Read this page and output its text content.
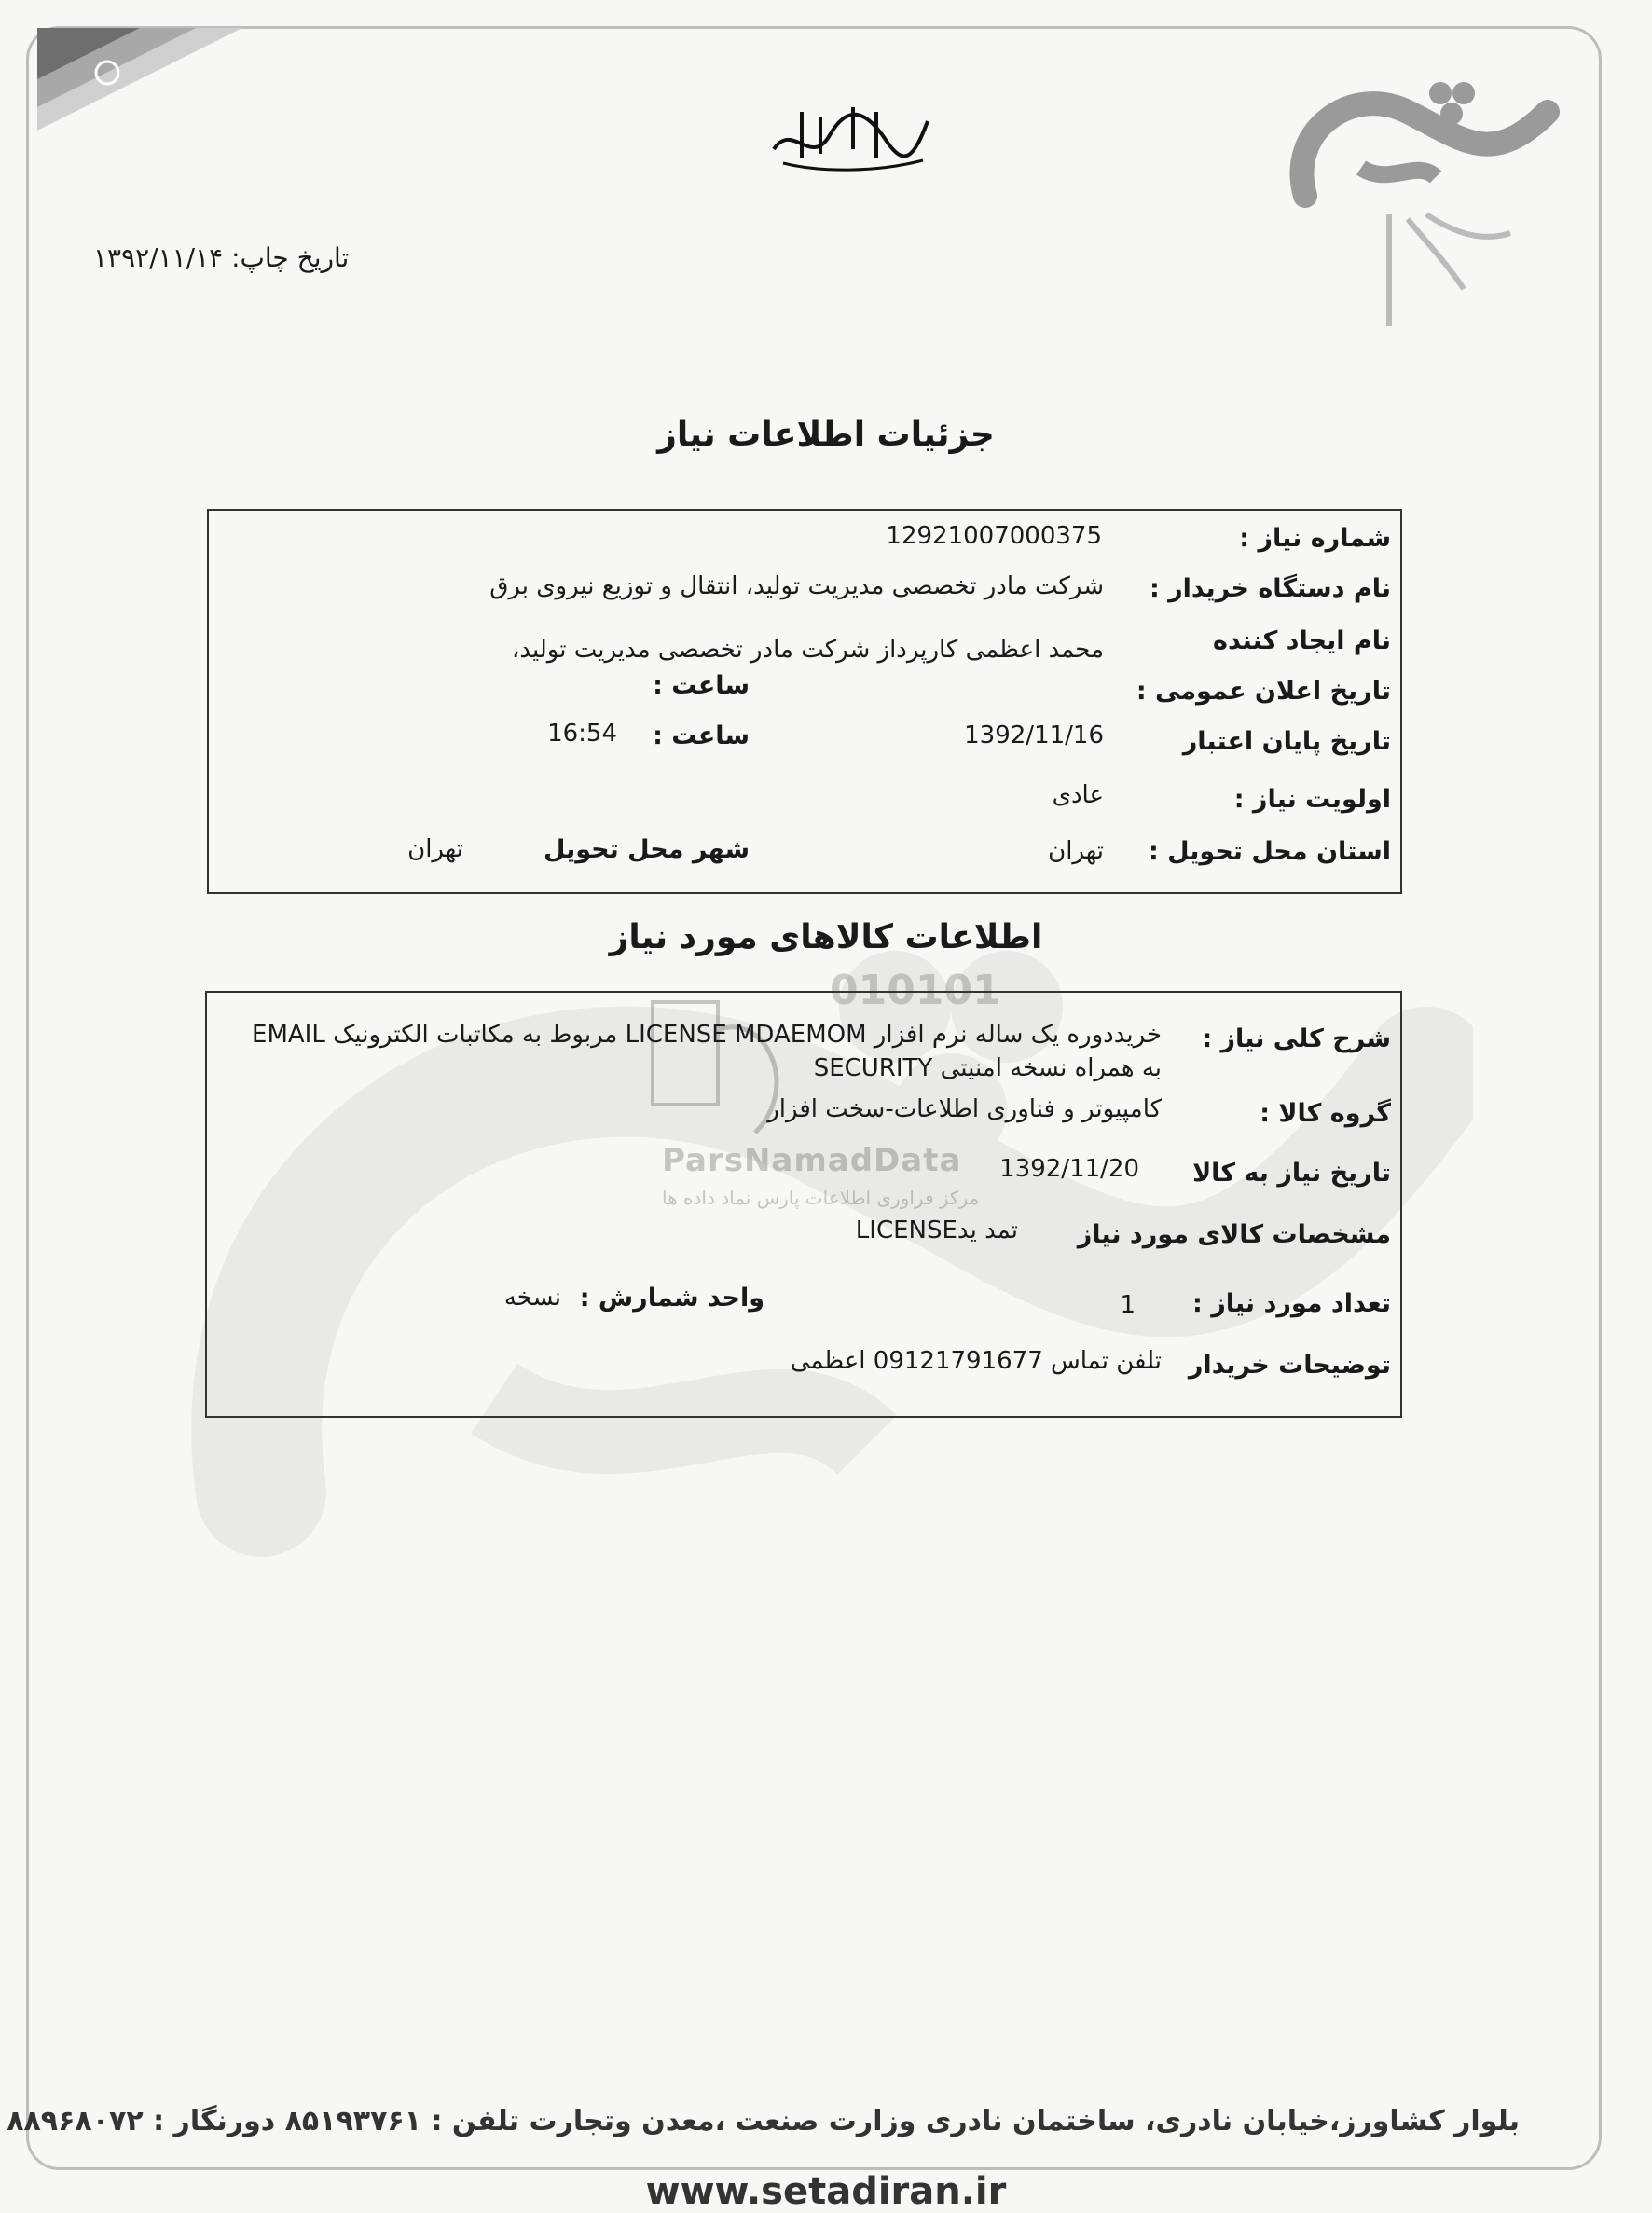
تاریخ چاپ: ۱۳۹۲/۱۱/۱۴
جزئیات اطلاعات نیاز
شماره نیاز :
12921007000375
نام دستگاه خریدار :
شرکت مادر تخصصی مدیریت تولید، انتقال و توزیع نیروی برق
نام ایجاد کننده
محمد اعظمی کارپرداز شرکت مادر تخصصی مدیریت تولید،
تاریخ اعلان عمومی :
ساعت :
تاریخ پایان اعتبار
1392/11/16
ساعت :
16:54
اولویت نیاز :
عادی
استان محل تحویل :
تهران
شهر محل تحویل
تهران
اطلاعات کالاهای مورد نیاز
010101
ParsNamadData
مرکز فراوری اطلاعات پارس نماد داده ها
شرح کلی نیاز :
خریددوره یک ساله نرم افزار LICENSE MDAEMOM مربوط به مکاتبات الکترونیک EMAIL
به همراه نسخه امنیتی SECURITY
گروه کالا :
کامپیوتر و فناوری اطلاعات-سخت افزار
تاریخ نیاز به کالا
1392/11/20
مشخصات کالای مورد نیاز
تمد یدLICENSE
تعداد مورد نیاز :
1
واحد شمارش :
نسخه
توضیحات خریدار
تلفن تماس 09121791677 اعظمی
بلوار کشاورز،خیابان نادری، ساختمان نادری وزارت صنعت ،معدن وتجارت تلفن : ۸۵۱۹۳۷۶۱ دورنگار : ۸۸۹۶۸۰۷۲
www.setadiran.ir
